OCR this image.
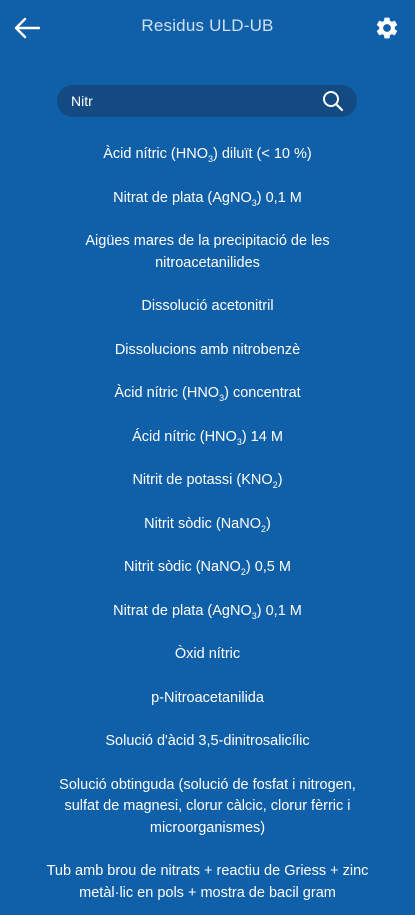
Residus ULD-UB
Nitr
Àcid nítric $(HNO_3)$ diluït (< 10 %)
Nitrat de plata (AgNO$_3$) 0,1 M
Aigües mares de la precipitació de les nitroacetanilides
Dissolució acetonitril
Dissolucions amb nitrobenzè
Àcid nítric $(HNO_3)$ concentrat
Ácid nítric $(HNO_3)$ 14 M
Nitrit de potassi $(KNO_2)$
Nitrit sòdic (NaNO$_2$)
Nitrit sòdic (NaNO$_2$) 0,5 M
Nitrat de plata (AgNO$_3$) 0,1 M
Òxid nítric
p-Nitroacetanilida
Solució d'àcid 3,5-dinitrosalicílic
Solució obtinguda (solució de fosfat i nitrogen, sulfat de magnesi, clorur càlcic, clorur fèrric i microorganismes)
Tub amb brou de nitrats + reactiu de Griess + zinc metàl·lic en pols + mostra de bacil gram
